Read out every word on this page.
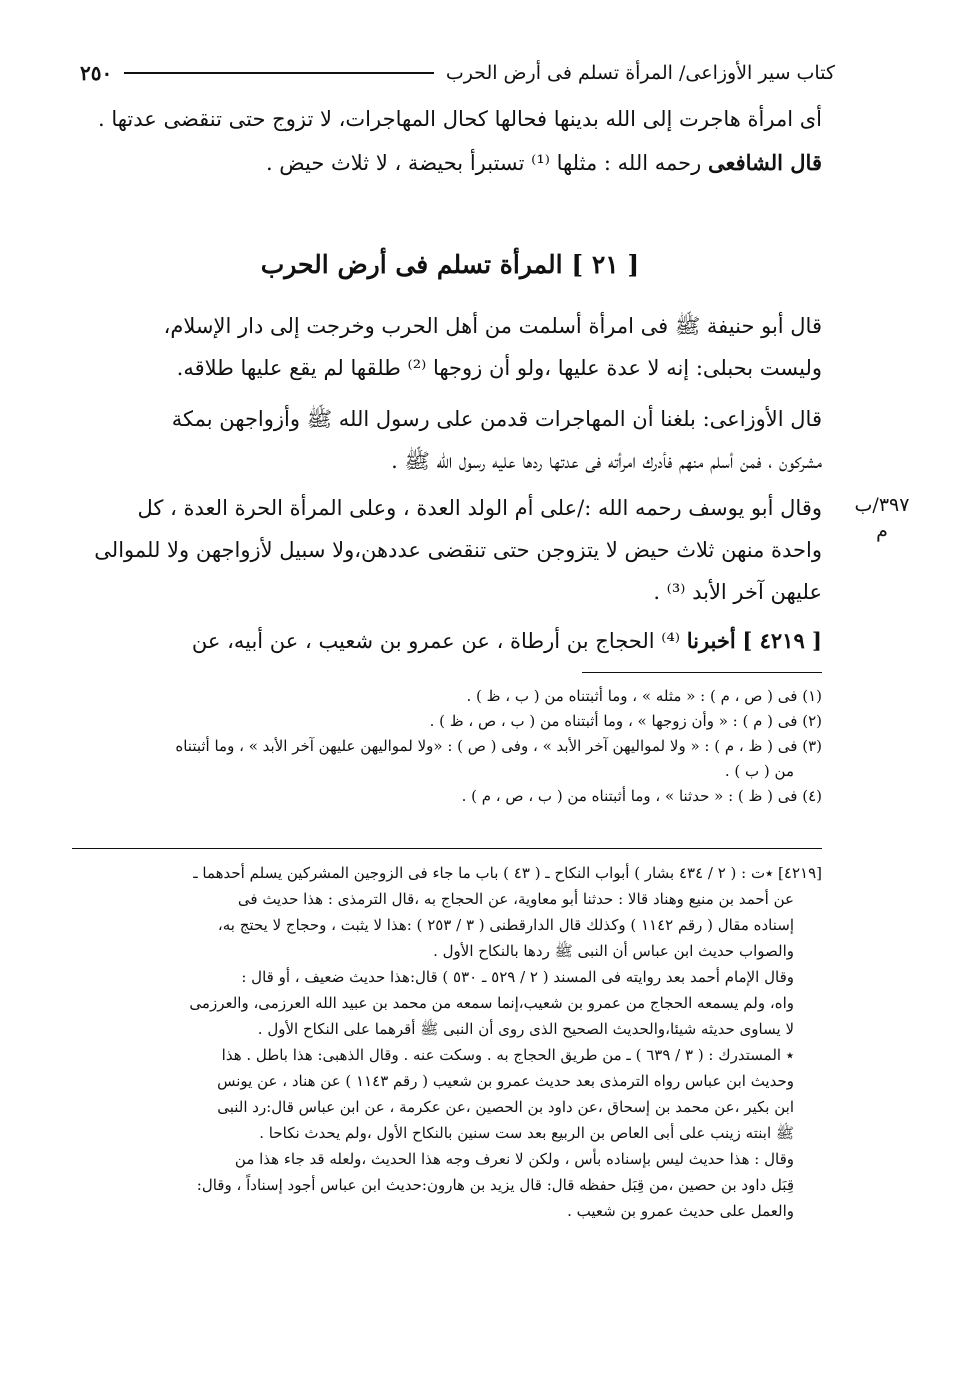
٢٥٠	كتاب سير الأوزاعى/ المرأة تسلم فى أرض الحرب
أى امرأة هاجرت إلى الله بدينها فحالها كحال المهاجرات، لا تزوج حتى تنقضى عدتها .
قال الشافعى رحمه الله : مثلها ⁽¹⁾ تستبرأ بحيضة ، لا ثلاث حيض .
[ ٢١ ] المرأة تسلم فى أرض الحرب
قال أبو حنيفة ﷺ فى امرأة أسلمت من أهل الحرب وخرجت إلى دار الإسلام،
وليست بحبلى: إنه لا عدة عليها ،ولو أن زوجها ⁽²⁾ طلقها لم يقع عليها طلاقه.
قال الأوزاعى: بلغنا أن المهاجرات قدمن على رسول الله ﷺ وأزواجهن بمكة
مشركون ، فمن أسلم منهم فأدرك امرأته فى عدتها ردها عليه رسول الله ﷺ .
وقال أبو يوسف رحمه الله :/على أم الولد العدة ، وعلى المرأة الحرة العدة ، كل
واحدة منهن ثلاث حيض لا يتزوجن حتى تنقضى عددهن،ولا سبيل لأزواجهن ولا للموالى
عليهن آخر الأبد ⁽³⁾ .
[ ٤٢١٩ ] أخبرنا ⁽⁴⁾ الحجاج بن أرطاة ، عن عمرو بن شعيب ، عن أبيه، عن
٣٩٧/ب
م
(١) فى ( ص ، م ) : « مثله » ، وما أثبتناه من ( ب ، ظ ) .
(٢) فى ( م ) : « وأن زوجها » ، وما أثبتناه من ( ب ، ص ، ظ ) .
(٣) فى ( ظ ، م ) : « ولا لمواليهن آخر الأبد » ، وفى ( ص ) : «ولا لمواليهن عليهن آخر الأبد » ، وما أثبتناه
من ( ب ) .
(٤) فى ( ظ ) : « حدثنا » ، وما أثبتناه من ( ب ، ص ، م ) .
[٤٢١٩] ٭ت : ( ٢ / ٤٣٤ بشار ) أبواب النكاح ـ ( ٤٣ ) باب ما جاء فى الزوجين المشركين يسلم أحدهما ـ
عن أحمد بن منيع وهناد قالا : حدثنا أبو معاوية، عن الحجاج به ،قال الترمذى : هذا حديث فى
إسناده مقال ( رقم ١١٤٢ ) وكذلك قال الدارقطنى ( ٣ / ٢٥٣ ) :هذا لا يثبت ، وحجاج لا يحتج به،
والصواب حديث ابن عباس أن النبى ﷺ ردها بالنكاح الأول .
وقال الإمام أحمد بعد روايته فى المسند ( ٢ / ٥٢٩ ـ ٥٣٠ ) قال:هذا حديث ضعيف ، أو قال :
واه، ولم يسمعه الحجاج من عمرو بن شعيب،إنما سمعه من محمد بن عبيد الله العرزمى، والعرزمى
لا يساوى حديثه شيئا،والحديث الصحيح الذى روى أن النبى ﷺ أقرهما على النكاح الأول .
٭ المستدرك : ( ٣ / ٦٣٩ ) ـ من طريق الحجاج به . وسكت عنه . وقال الذهبى: هذا باطل . هذا
وحديث ابن عباس رواه الترمذى بعد حديث عمرو بن شعيب ( رقم ١١٤٣ ) عن هناد ، عن يونس
ابن بكير ،عن محمد بن إسحاق ،عن داود بن الحصين ،عن عكرمة ، عن ابن عباس قال:رد النبى
ﷺ ابنته زينب على أبى العاص بن الربيع بعد ست سنين بالنكاح الأول ،ولم يحدث نكاحا .
وقال : هذا حديث ليس بإسناده بأس ، ولكن لا نعرف وجه هذا الحديث ،ولعله قد جاء هذا من
قِبَل داود بن حصين ،من قِبَل حفظه قال: قال يزيد بن هارون:حديث ابن عباس أجود إسناداً ، وقال:
والعمل على حديث عمرو بن شعيب .
